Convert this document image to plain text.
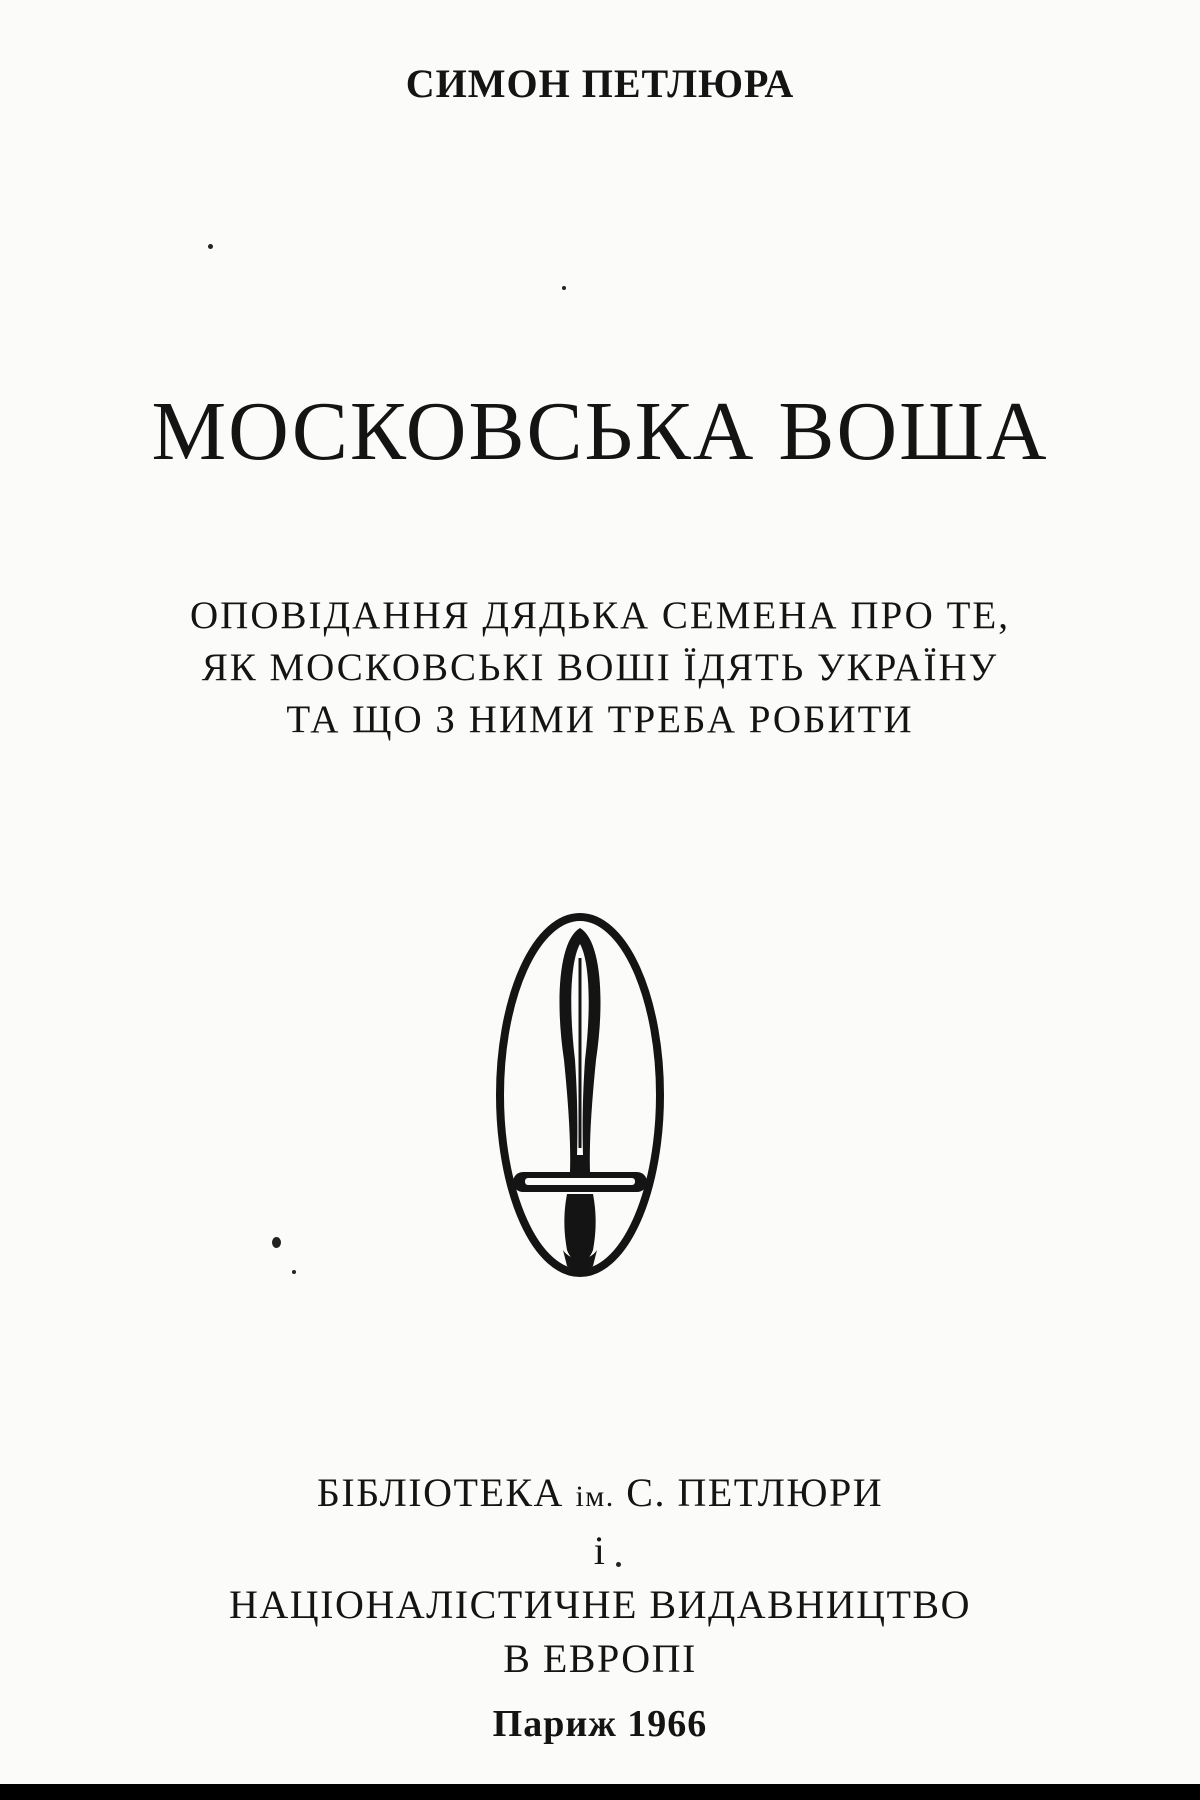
СИМОН ПЕТЛЮРА
МОСКОВСЬКА ВОША
ОПОВІДАННЯ ДЯДЬКА СЕМЕНА ПРО ТЕ,
ЯК МОСКОВСЬКІ ВОШІ ЇДЯТЬ УКРАЇНУ
ТА ЩО З НИМИ ТРЕБА РОБИТИ
БІБЛІОТЕКА ім. С. ПЕТЛЮРИ
і
НАЦІОНАЛІСТИЧНЕ ВИДАВНИЦТВО
В ЕВРОПІ
Париж 1966
